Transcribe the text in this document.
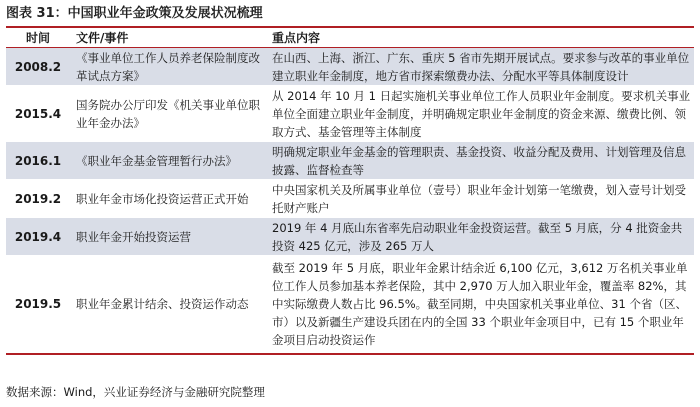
图表 31：中国职业年金政策及发展状况梳理
时间	文件/事件	重点内容
2008.2	《事业单位工作人员养老保险制度改革试点方案》	在山西、上海、浙江、广东、重庆 5 省市先期开展试点。要求参与改革的事业单位建立职业年金制度，地方省市探索缴费办法、分配水平等具体制度设计
2015.4	国务院办公厅印发《机关事业单位职业年金办法》	从 2014 年 10 月 1 日起实施机关事业单位工作人员职业年金制度。要求机关事业单位全面建立职业年金制度，并明确规定职业年金制度的资金来源、缴费比例、领取方式、基金管理等主体制度
2016.1	《职业年金基金管理暂行办法》	明确规定职业年金基金的管理职责、基金投资、收益分配及费用、计划管理及信息披露、监督检查等
2019.2	职业年金市场化投资运营正式开始	中央国家机关及所属事业单位（壹号）职业年金计划第一笔缴费，划入壹号计划受托财产账户
2019.4	职业年金开始投资运营	2019 年 4 月底山东省率先启动职业年金投资运营。截至 5 月底，分 4 批资金共投资 425 亿元，涉及 265 万人
2019.5	职业年金累计结余、投资运作动态	截至 2019 年 5 月底，职业年金累计结余近 6,100 亿元，3,612 万名机关事业单位工作人员参加基本养老保险，其中 2,970 万人加入职业年金，覆盖率 82%，其中实际缴费人数占比 96.5%。截至同期，中央国家机关事业单位、31 个省（区、市）以及新疆生产建设兵团在内的全国 33 个职业年金项目中，已有 15 个职业年金项目启动投资运作
数据来源：Wind，兴业证券经济与金融研究院整理
